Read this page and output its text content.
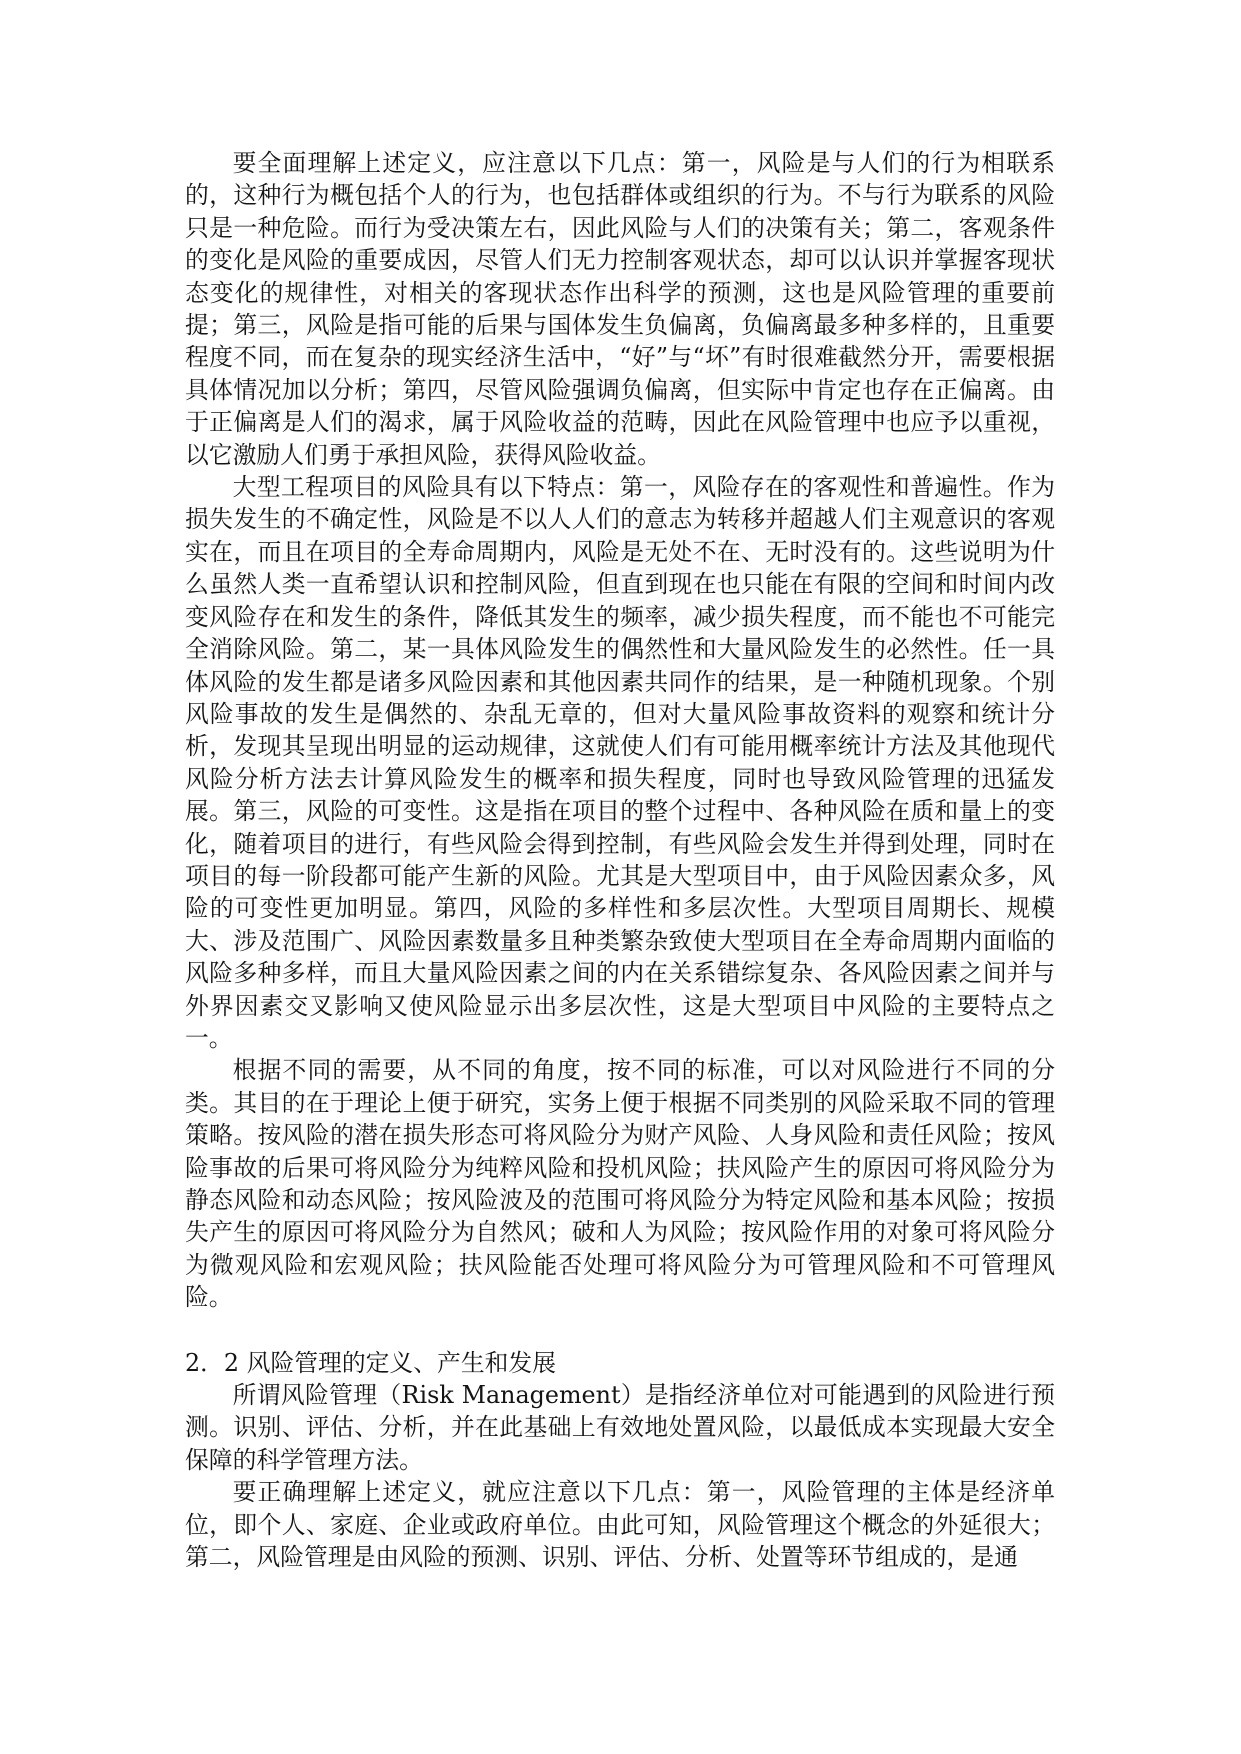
要全面理解上述定义，应注意以下几点：第一，风险是与人们的行为相联系的，这种行为概包括个人的行为，也包括群体或组织的行为。不与行为联系的风险只是一种危险。而行为受决策左右，因此风险与人们的决策有关；第二，客观条件的变化是风险的重要成因，尽管人们无力控制客观状态，却可以认识并掌握客现状态变化的规律性，对相关的客现状态作出科学的预测，这也是风险管理的重要前提；第三，风险是指可能的后果与国体发生负偏离，负偏离最多种多样的，且重要程度不同，而在复杂的现实经济生活中，“好”与“坏”有时很难截然分开，需要根据具体情况加以分析；第四，尽管风险强调负偏离，但实际中肯定也存在正偏离。由于正偏离是人们的渴求，属于风险收益的范畴，因此在风险管理中也应予以重视，以它激励人们勇于承担风险，获得风险收益。

大型工程项目的风险具有以下特点：第一，风险存在的客观性和普遍性。作为损失发生的不确定性，风险是不以人人们的意志为转移并超越人们主观意识的客观实在，而且在项目的全寿命周期内，风险是无处不在、无时没有的。这些说明为什么虽然人类一直希望认识和控制风险，但直到现在也只能在有限的空间和时间内改变风险存在和发生的条件，降低其发生的频率，减少损失程度，而不能也不可能完全消除风险。第二，某一具体风险发生的偶然性和大量风险发生的必然性。任一具体风险的发生都是诸多风险因素和其他因素共同作的结果，是一种随机现象。个别风险事故的发生是偶然的、杂乱无章的，但对大量风险事故资料的观察和统计分析，发现其呈现出明显的运动规律，这就使人们有可能用概率统计方法及其他现代风险分析方法去计算风险发生的概率和损失程度，同时也导致风险管理的迅猛发展。第三，风险的可变性。这是指在项目的整个过程中、各种风险在质和量上的变化，随着项目的进行，有些风险会得到控制，有些风险会发生并得到处理，同时在项目的每一阶段都可能产生新的风险。尤其是大型项目中，由于风险因素众多，风险的可变性更加明显。第四，风险的多样性和多层次性。大型项目周期长、规模大、涉及范围广、风险因素数量多且种类繁杂致使大型项目在全寿命周期内面临的风险多种多样，而且大量风险因素之间的内在关系错综复杂、各风险因素之间并与外界因素交叉影响又使风险显示出多层次性，这是大型项目中风险的主要特点之一。

根据不同的需要，从不同的角度，按不同的标准，可以对风险进行不同的分类。其目的在于理论上便于研究，实务上便于根据不同类别的风险采取不同的管理策略。按风险的潜在损失形态可将风险分为财产风险、人身风险和责任风险；按风险事故的后果可将风险分为纯粹风险和投机风险；扶风险产生的原因可将风险分为静态风险和动态风险；按风险波及的范围可将风险分为特定风险和基本风险；按损失产生的原因可将风险分为自然风；破和人为风险；按风险作用的对象可将风险分为微观风险和宏观风险；扶风险能否处理可将风险分为可管理风险和不可管理风险。

2．2 风险管理的定义、产生和发展

所谓风险管理（Risk Management）是指经济单位对可能遇到的风险进行预测。识别、评估、分析，并在此基础上有效地处置风险，以最低成本实现最大安全保障的科学管理方法。

要正确理解上述定义，就应注意以下几点：第一，风险管理的主体是经济单位，即个人、家庭、企业或政府单位。由此可知，风险管理这个概念的外延很大；第二，风险管理是由风险的预测、识别、评估、分析、处置等环节组成的，是通
